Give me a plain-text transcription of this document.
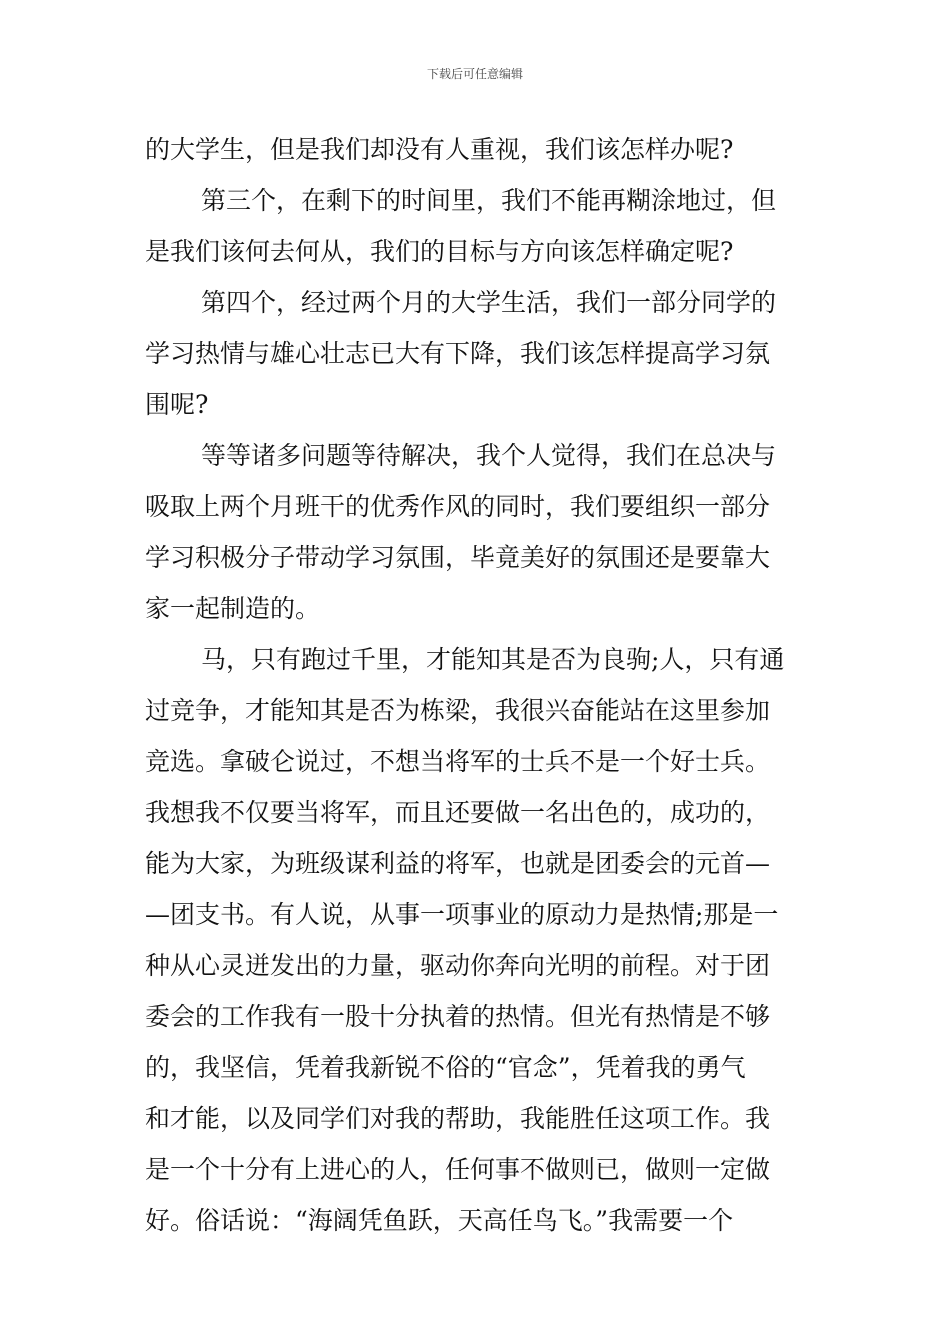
下载后可任意编辑
的大学生，但是我们却没有人重视，我们该怎样办呢?
第三个，在剩下的时间里，我们不能再糊涂地过，但
是我们该何去何从，我们的目标与方向该怎样确定呢?
第四个，经过两个月的大学生活，我们一部分同学的
学习热情与雄心壮志已大有下降，我们该怎样提高学习氛
围呢?
等等诸多问题等待解决，我个人觉得，我们在总决与
吸取上两个月班干的优秀作风的同时，我们要组织一部分
学习积极分子带动学习氛围，毕竟美好的氛围还是要靠大
家一起制造的。
马，只有跑过千里，才能知其是否为良驹;人，只有通
过竞争，才能知其是否为栋梁，我很兴奋能站在这里参加
竞选。拿破仑说过，不想当将军的士兵不是一个好士兵。
我想我不仅要当将军，而且还要做一名出色的，成功的，
能为大家，为班级谋利益的将军，也就是团委会的元首—
—团支书。有人说，从事一项事业的原动力是热情;那是一
种从心灵迸发出的力量，驱动你奔向光明的前程。对于团
委会的工作我有一股十分执着的热情。但光有热情是不够
的，我坚信，凭着我新锐不俗的“官念”，凭着我的勇气
和才能，以及同学们对我的帮助，我能胜任这项工作。我
是一个十分有上进心的人，任何事不做则已，做则一定做
好。俗话说：“海阔凭鱼跃，天高任鸟飞。”我需要一个
